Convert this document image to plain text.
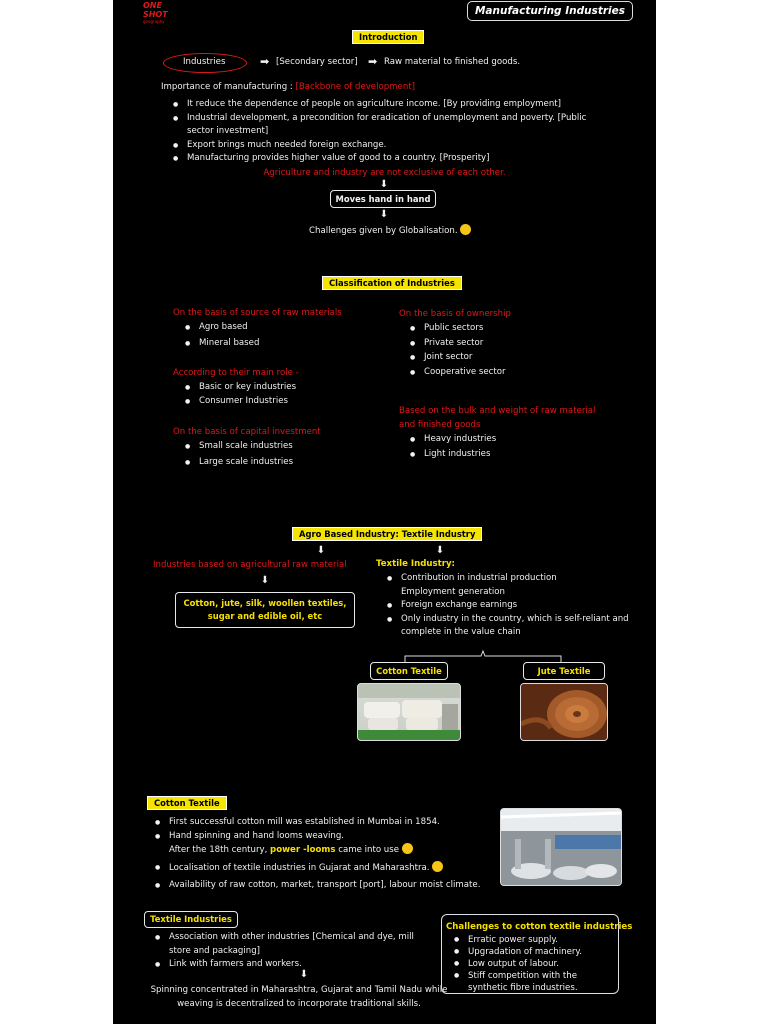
ONE SHOT
geography
Manufacturing Industries
Introduction
Industries	➡ [Secondary sector] ➡ Raw material to finished goods.
Importance of manufacturing : [Backbone of development]
● It reduce the dependence of people on agriculture income. [By providing employment]
● Industrial development, a precondition for eradication of unemployment and poverty. [Public sector investment]
● Export brings much needed foreign exchange.
● Manufacturing provides higher value of good to a country. [Prosperity]
Agriculture and industry are not exclusive of each other.
⬇
Moves hand in hand
⬇
Challenges given by Globalisation.
Classification of Industries
On the basis of source of raw materials
● Agro based
● Mineral based
According to their main role -
● Basic or key industries
● Consumer Industries
On the basis of capital investment
● Small scale industries
● Large scale industries
On the basis of ownership
● Public sectors
● Private sector
● Joint sector
● Cooperative sector
Based on the bulk and weight of raw material and finished goods
● Heavy industries
● Light industries
Agro Based Industry: Textile Industry
⬇	⬇
Industries based on agricultural raw material
⬇
Cotton, jute, silk, woollen textiles, sugar and edible oil, etc
Textile Industry:
● Contribution in industrial production Employment generation
● Foreign exchange earnings
● Only industry in the country, which is self-reliant and complete in the value chain
Cotton Textile	Jute Textile
Cotton Textile
● First successful cotton mill was established in Mumbai in 1854.
● Hand spinning and hand looms weaving.
After the 18th century, power -looms came into use
● Localisation of textile industries in Gujarat and Maharashtra.
● Availability of raw cotton, market, transport [port], labour moist climate.
Textile Industries
● Association with other industries [Chemical and dye, mill store and packaging]
● Link with farmers and workers.
⬇
Spinning concentrated in Maharashtra, Gujarat and Tamil Nadu while weaving is decentralized to incorporate traditional skills.
Challenges to cotton textile industries
● Erratic power supply.
● Upgradation of machinery.
● Low output of labour.
● Stiff competition with the synthetic fibre industries.
